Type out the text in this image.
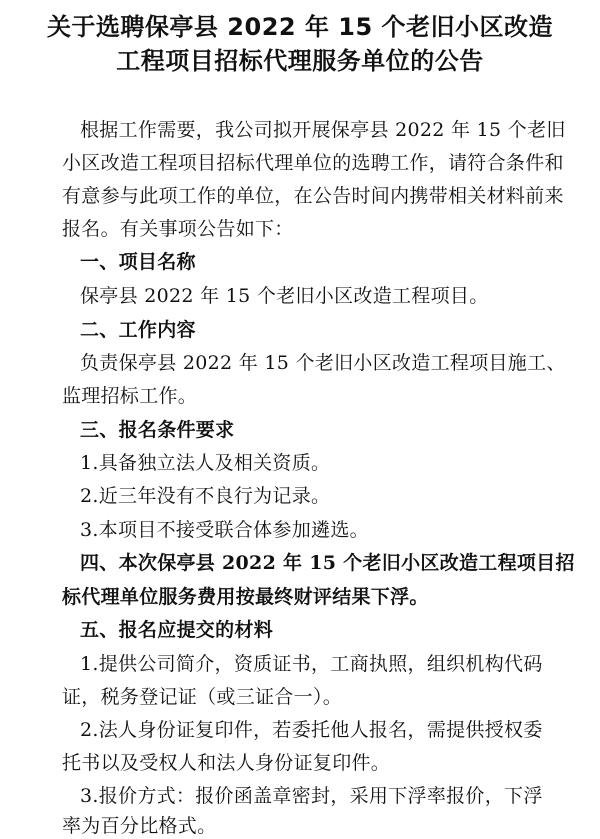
关于选聘保亭县 2022 年 15 个老旧小区改造
工程项目招标代理服务单位的公告

根据工作需要，我公司拟开展保亭县 2022 年 15 个老旧

小区改造工程项目招标代理单位的选聘工作，请符合条件和

有意参与此项工作的单位，在公告时间内携带相关材料前来

报名。有关事项公告如下：

一、项目名称

保亭县 2022 年 15 个老旧小区改造工程项目。

二、工作内容

负责保亭县 2022 年 15 个老旧小区改造工程项目施工、

监理招标工作。

三、报名条件要求

1.具备独立法人及相关资质。

2.近三年没有不良行为记录。

3.本项目不接受联合体参加遴选。

四、本次保亭县 2022 年 15 个老旧小区改造工程项目招

标代理单位服务费用按最终财评结果下浮。

五、报名应提交的材料

1.提供公司简介，资质证书，工商执照，组织机构代码

证，税务登记证（或三证合一）。

2.法人身份证复印件，若委托他人报名，需提供授权委

托书以及受权人和法人身份证复印件。

3.报价方式：报价函盖章密封，采用下浮率报价，下浮

率为百分比格式。
